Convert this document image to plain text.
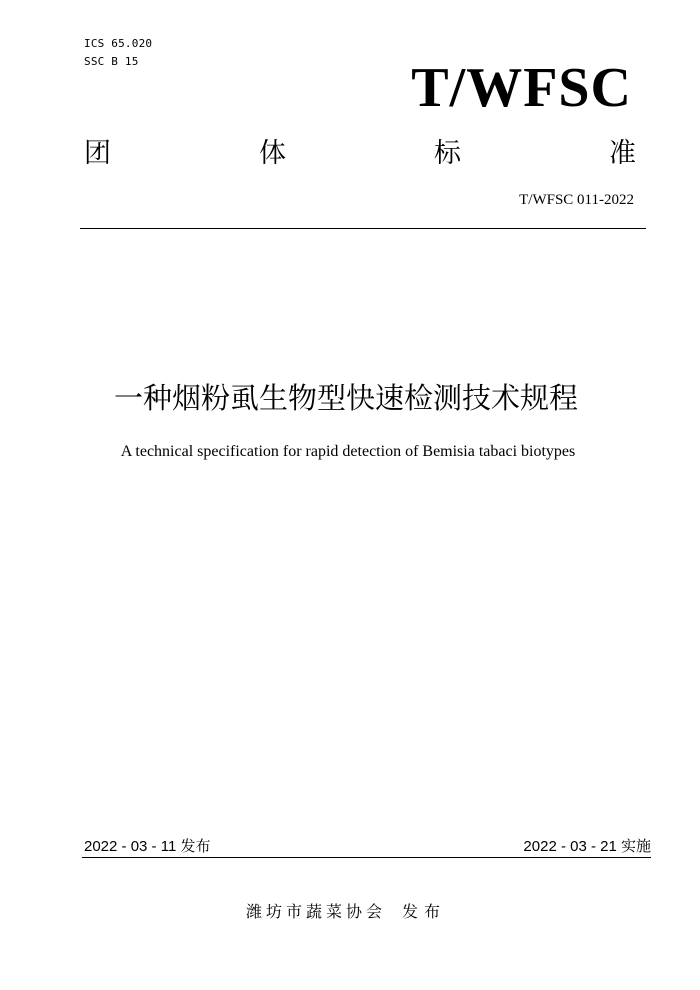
ICS 65.020
SSC B 15	T/WFSC
团	体	标	准
T/WFSC 011-2022
一种烟粉虱生物型快速检测技术规程
A technical specification for rapid detection of Bemisia tabaci biotypes
2022 - 03 - 11 发布	2022 - 03 - 21 实施
潍坊市蔬菜协会 发布
